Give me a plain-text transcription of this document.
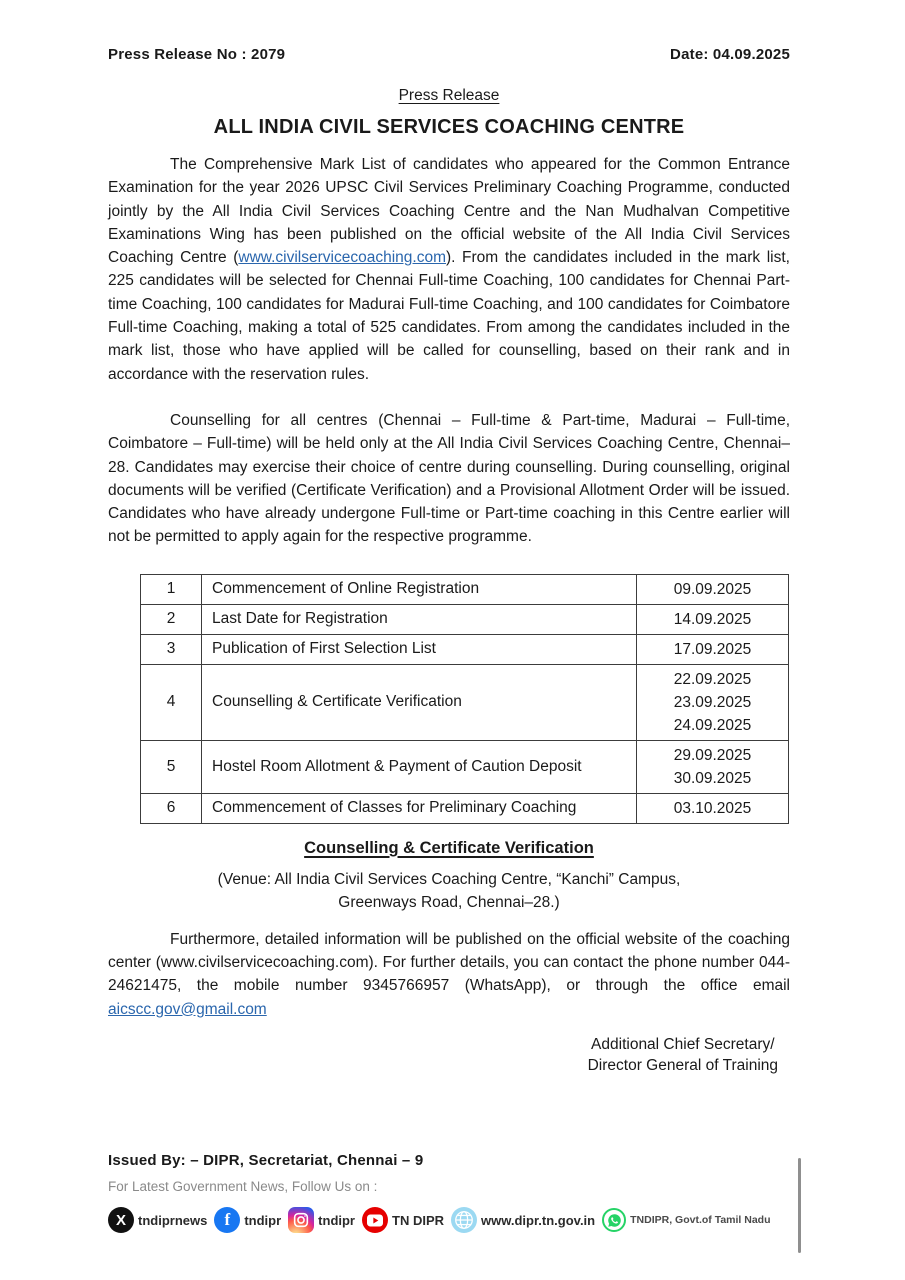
Press Release No : 2079	Date: 04.09.2025
Press Release
ALL INDIA CIVIL SERVICES COACHING CENTRE

The Comprehensive Mark List of candidates who appeared for the Common Entrance Examination for the year 2026 UPSC Civil Services Preliminary Coaching Programme, conducted jointly by the All India Civil Services Coaching Centre and the Nan Mudhalvan Competitive Examinations Wing has been published on the official website of the All India Civil Services Coaching Centre (www.civilservicecoaching.com). From the candidates included in the mark list, 225 candidates will be selected for Chennai Full-time Coaching, 100 candidates for Chennai Part-time Coaching, 100 candidates for Madurai Full-time Coaching, and 100 candidates for Coimbatore Full-time Coaching, making a total of 525 candidates. From among the candidates included in the mark list, those who have applied will be called for counselling, based on their rank and in accordance with the reservation rules.

Counselling for all centres (Chennai – Full-time & Part-time, Madurai – Full-time, Coimbatore – Full-time) will be held only at the All India Civil Services Coaching Centre, Chennai–28. Candidates may exercise their choice of centre during counselling. During counselling, original documents will be verified (Certificate Verification) and a Provisional Allotment Order will be issued. Candidates who have already undergone Full-time or Part-time coaching in this Centre earlier will not be permitted to apply again for the respective programme.

1	Commencement of Online Registration	09.09.2025

2	Last Date for Registration	14.09.2025

3	Publication of First Selection List	17.09.2025

4	Counselling & Certificate Verification	22.09.2025
23.09.2025
24.09.2025

5	Hostel Room Allotment & Payment of Caution Deposit	29.09.2025
30.09.2025

6	Commencement of Classes for Preliminary Coaching	03.10.2025
Counselling & Certificate Verification
(Venue: All India Civil Services Coaching Centre, “Kanchi” Campus,
Greenways Road, Chennai–28.)

Furthermore, detailed information will be published on the official website of the coaching center (www.civilservicecoaching.com). For further details, you can contact the phone number 044-24621475, the mobile number 9345766957 (WhatsApp), or through the office email aicscc.gov@gmail.com

Additional Chief Secretary/
Director General of Training
Issued By: – DIPR, Secretariat, Chennai – 9
For Latest Government News, Follow Us on :
X tndiprnews	f	tndipr	tndipr	TN DIPR	www.dipr.tn.gov.in	TNDIPR, Govt.of Tamil Nadu
